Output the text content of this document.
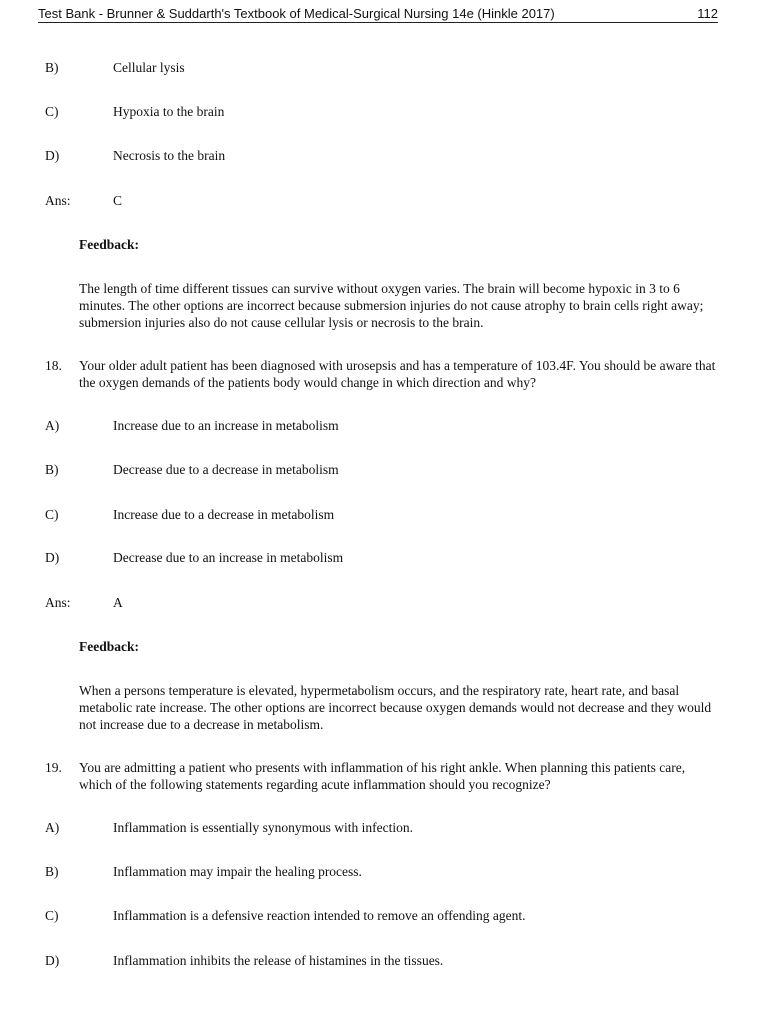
Test Bank - Brunner & Suddarth's Textbook of Medical-Surgical Nursing 14e (Hinkle 2017)	112
B)	Cellular lysis
C)	Hypoxia to the brain
D)	Necrosis to the brain
Ans:	C
Feedback:
The length of time different tissues can survive without oxygen varies. The brain will become hypoxic in 3 to 6 minutes. The other options are incorrect because submersion injuries do not cause atrophy to brain cells right away; submersion injuries also do not cause cellular lysis or necrosis to the brain.
18. Your older adult patient has been diagnosed with urosepsis and has a temperature of 103.4F. You should be aware that the oxygen demands of the patients body would change in which direction and why?
A)	Increase due to an increase in metabolism
B)	Decrease due to a decrease in metabolism
C)	Increase due to a decrease in metabolism
D)	Decrease due to an increase in metabolism
Ans:	A
Feedback:
When a persons temperature is elevated, hypermetabolism occurs, and the respiratory rate, heart rate, and basal metabolic rate increase. The other options are incorrect because oxygen demands would not decrease and they would not increase due to a decrease in metabolism.
19. You are admitting a patient who presents with inflammation of his right ankle. When planning this patients care, which of the following statements regarding acute inflammation should you recognize?
A)	Inflammation is essentially synonymous with infection.
B)	Inflammation may impair the healing process.
C)	Inflammation is a defensive reaction intended to remove an offending agent.
D)	Inflammation inhibits the release of histamines in the tissues.
